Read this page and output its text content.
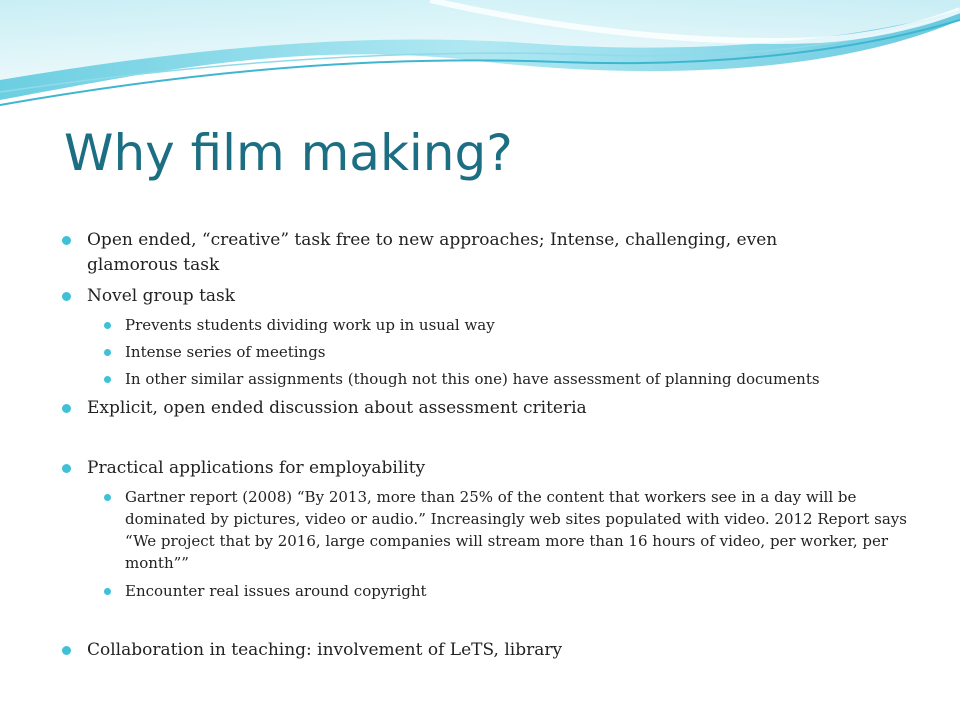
Why film making?
Open ended, “creative” task free to new approaches; Intense, challenging, even glamorous task
Novel group task
Prevents students dividing work up in usual way
Intense series of meetings
In other similar assignments (though not this one) have assessment of planning documents
Explicit, open ended discussion about assessment criteria
Practical applications for employability
Gartner report (2008) “By 2013, more than 25% of the content that workers see in a day will be dominated by pictures, video or audio.” Increasingly web sites populated with video. 2012 Report says “We project that by 2016, large companies will stream more than 16 hours of video, per worker, per month””
Encounter real issues around copyright
Collaboration in teaching: involvement of LeTS, library
